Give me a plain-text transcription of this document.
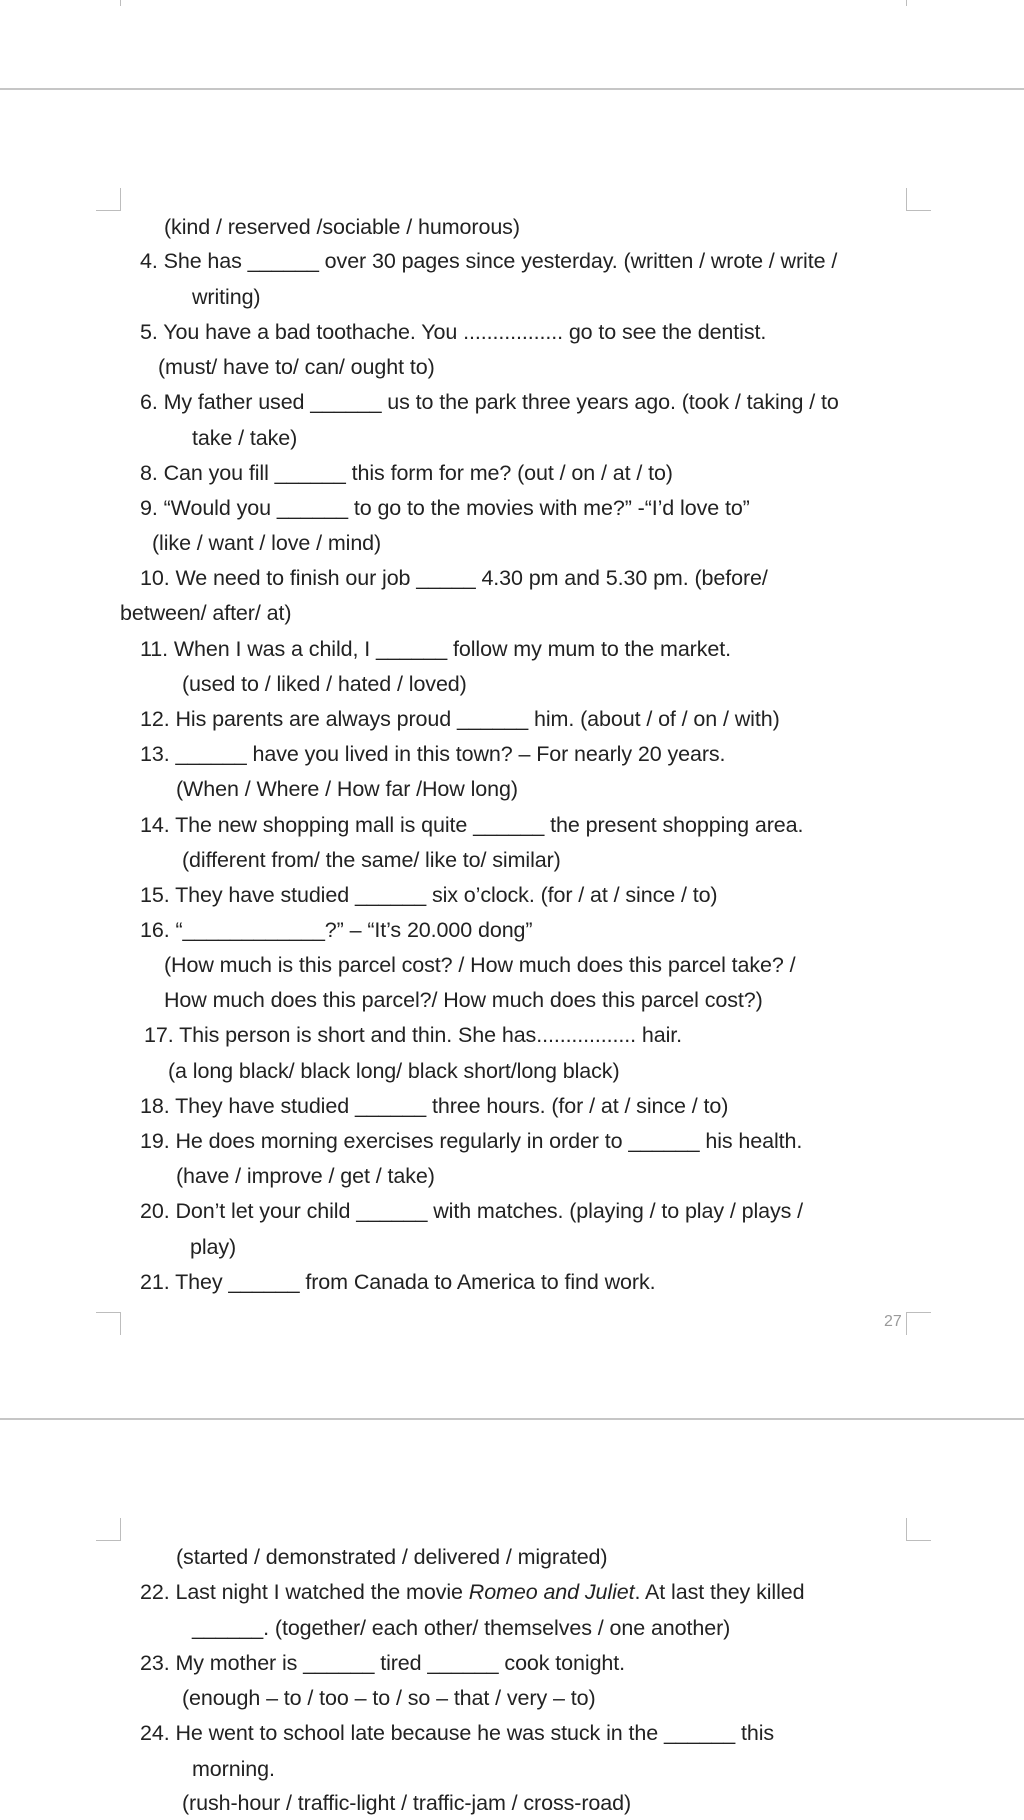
(kind / reserved /sociable / humorous)
4. She has ______ over 30 pages since yesterday. (written / wrote / write /
writing)
5. You have a bad toothache. You ................. go to see the dentist.
(must/ have to/ can/ ought to)
6. My father used ______ us to the park three years ago. (took / taking / to
take / take)
8. Can you fill ______ this form for me? (out / on / at / to)
9. “Would you ______ to go to the movies with me?” -“I’d love to”
(like / want / love / mind)
10. We need to finish our job _____ 4.30 pm and 5.30 pm. (before/
between/ after/ at)
11. When I was a child, I ______ follow my mum to the market.
(used to / liked / hated / loved)
12. His parents are always proud ______ him. (about / of / on / with)
13. ______ have you lived in this town? – For nearly 20 years.
(When / Where / How far /How long)
14. The new shopping mall is quite ______ the present shopping area.
(different from/ the same/ like to/ similar)
15. They have studied ______ six o’clock. (for / at / since / to)
16. “____________?” – “It’s 20.000 dong”
(How much is this parcel cost? / How much does this parcel take? /
How much does this parcel?/ How much does this parcel cost?)
17. This person is short and thin. She has................. hair.
(a long black/ black long/ black short/long black)
18. They have studied ______ three hours. (for / at / since / to)
19. He does morning exercises regularly in order to ______ his health.
(have / improve / get / take)
20. Don’t let your child ______ with matches. (playing / to play / plays /
play)
21. They ______ from Canada to America to find work.
27
(started / demonstrated / delivered / migrated)
22. Last night I watched the movie Romeo and Juliet. At last they killed
______. (together/ each other/ themselves / one another)
23. My mother is ______ tired ______ cook tonight.
(enough – to / too – to / so – that / very – to)
24. He went to school late because he was stuck in the ______ this
morning.
(rush-hour / traffic-light / traffic-jam / cross-road)
